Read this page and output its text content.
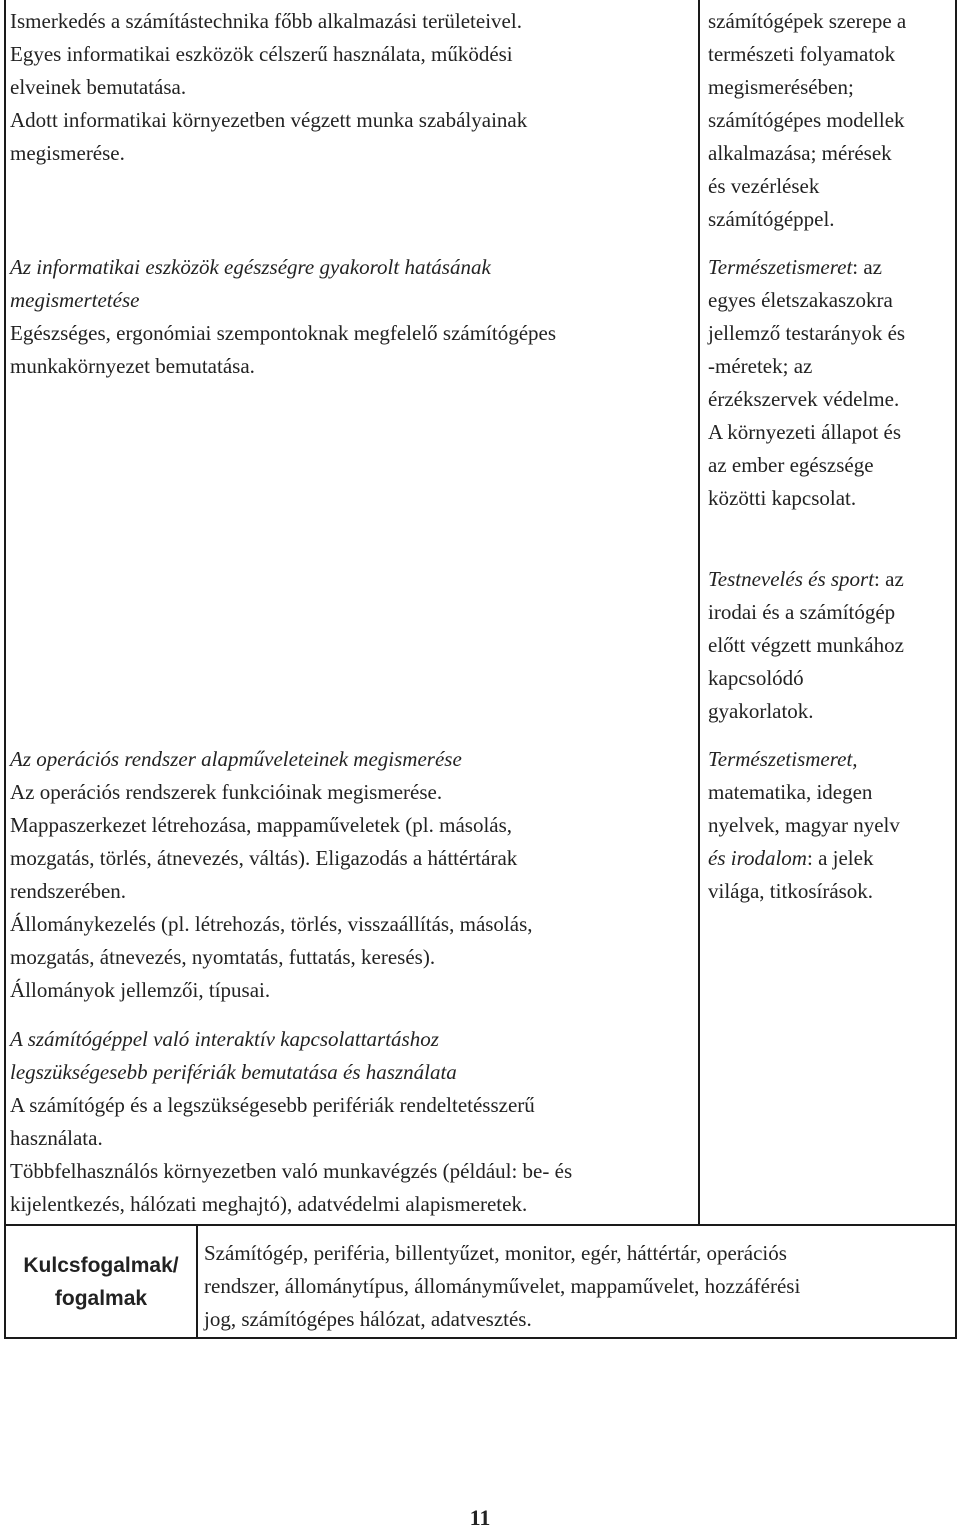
Ismerkedés a számítástechnika főbb alkalmazási területeivel.

Egyes informatikai eszközök célszerű használata, működési

elveinek bemutatása.

Adott informatikai környezetben végzett munka szabályainak

megismerése.

Az informatikai eszközök egészségre gyakorolt hatásának

megismertetése

Egészséges, ergonómiai szempontoknak megfelelő számítógépes

munkakörnyezet bemutatása.

Az operációs rendszer alapműveleteinek megismerése

Az operációs rendszerek funkcióinak megismerése.

Mappaszerkezet létrehozása, mappaműveletek (pl. másolás,

mozgatás, törlés, átnevezés, váltás). Eligazodás a háttértárak

rendszerében.

Állománykezelés (pl. létrehozás, törlés, visszaállítás, másolás,

mozgatás, átnevezés, nyomtatás, futtatás, keresés).

Állományok jellemzői, típusai.

A számítógéppel való interaktív kapcsolattartáshoz

legszükségesebb perifériák bemutatása és használata

A számítógép és a legszükségesebb perifériák rendeltetésszerű

használata.

Többfelhasználós környezetben való munkavégzés (például: be- és

kijelentkezés, hálózati meghajtó), adatvédelmi alapismeretek.

számítógépek szerepe a

természeti folyamatok

megismerésében;

számítógépes modellek

alkalmazása; mérések

és vezérlések

számítógéppel.

Természetismeret: az

egyes életszakaszokra

jellemző testarányok és

-méretek; az

érzékszervek védelme.

A környezeti állapot és

az ember egészsége

közötti kapcsolat.

Testnevelés és sport: az

irodai és a számítógép

előtt végzett munkához

kapcsolódó

gyakorlatok.

Természetismeret,

matematika, idegen

nyelvek, magyar nyelv

és irodalom: a jelek

világa, titkosírások.

Kulcsfogalmak/
fogalmak

Számítógép, periféria, billentyűzet, monitor, egér, háttértár, operációs

rendszer, állománytípus, állományművelet, mappaművelet, hozzáférési

jog, számítógépes hálózat, adatvesztés.

11
